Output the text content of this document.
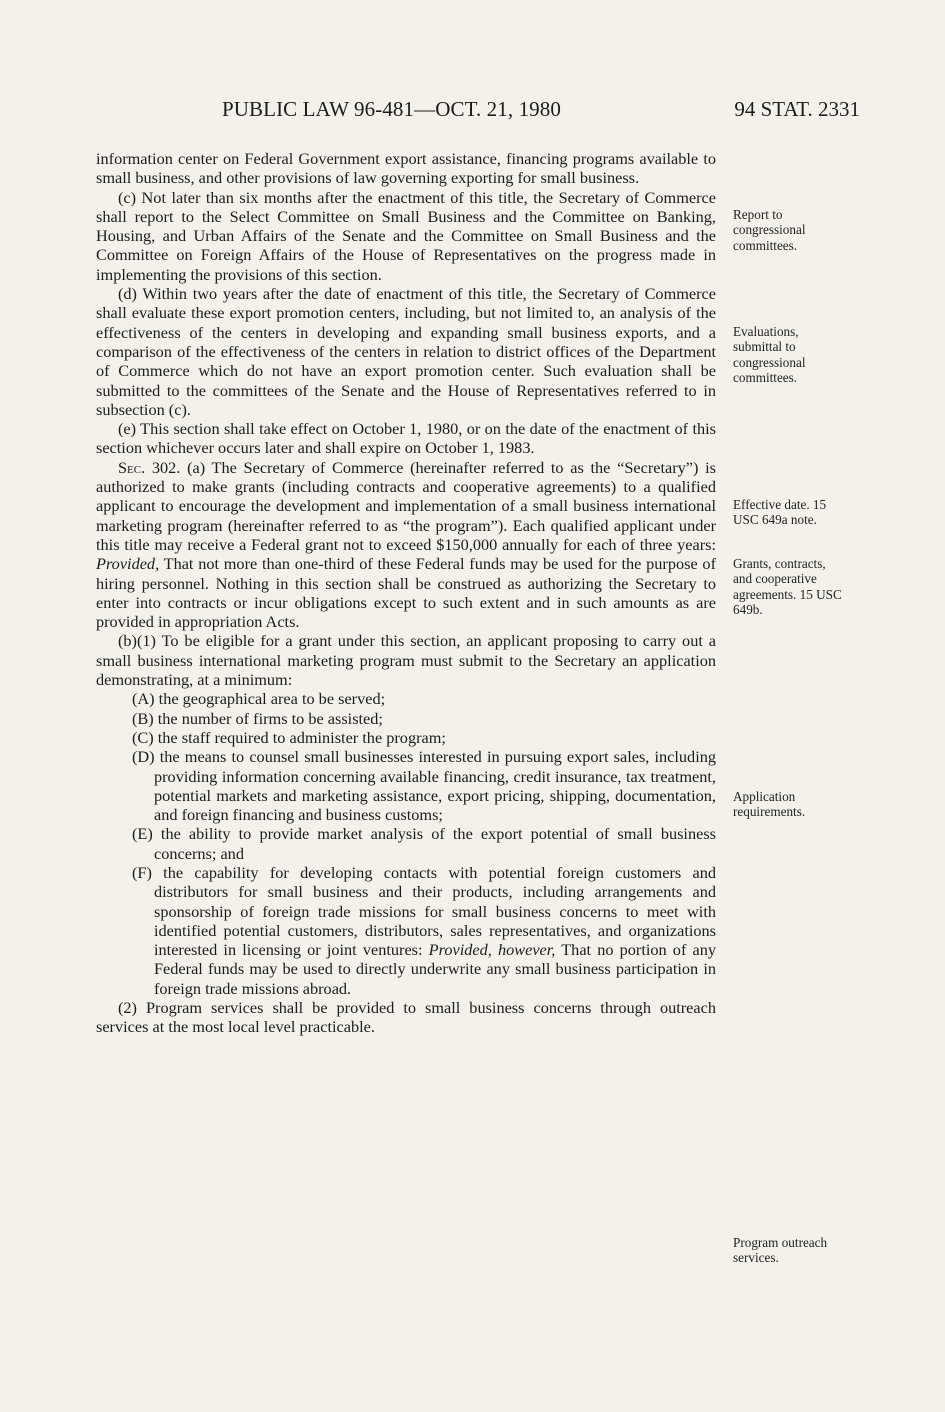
PUBLIC LAW 96-481—OCT. 21, 1980	94 STAT. 2331

information center on Federal Government export assistance, financing programs available to small business, and other provisions of law governing exporting for small business.

(c) Not later than six months after the enactment of this title, the Secretary of Commerce shall report to the Select Committee on Small Business and the Committee on Banking, Housing, and Urban Affairs of the Senate and the Committee on Small Business and the Committee on Foreign Affairs of the House of Representatives on the progress made in implementing the provisions of this section.

(d) Within two years after the date of enactment of this title, the Secretary of Commerce shall evaluate these export promotion centers, including, but not limited to, an analysis of the effectiveness of the centers in developing and expanding small business exports, and a comparison of the effectiveness of the centers in relation to district offices of the Department of Commerce which do not have an export promotion center. Such evaluation shall be submitted to the committees of the Senate and the House of Representatives referred to in subsection (c).

(e) This section shall take effect on October 1, 1980, or on the date of the enactment of this section whichever occurs later and shall expire on October 1, 1983.

Sec. 302. (a) The Secretary of Commerce (hereinafter referred to as the “Secretary”) is authorized to make grants (including contracts and cooperative agreements) to a qualified applicant to encourage the development and implementation of a small business international marketing program (hereinafter referred to as “the program”). Each qualified applicant under this title may receive a Federal grant not to exceed $150,000 annually for each of three years: Provided, That not more than one-third of these Federal funds may be used for the purpose of hiring personnel. Nothing in this section shall be construed as authorizing the Secretary to enter into contracts or incur obligations except to such extent and in such amounts as are provided in appropriation Acts.

(b)(1) To be eligible for a grant under this section, an applicant proposing to carry out a small business international marketing program must submit to the Secretary an application demonstrating, at a minimum:

(A) the geographical area to be served;

(B) the number of firms to be assisted;

(C) the staff required to administer the program;

(D) the means to counsel small businesses interested in pursuing export sales, including providing information concerning available financing, credit insurance, tax treatment, potential markets and marketing assistance, export pricing, shipping, documentation, and foreign financing and business customs;

(E) the ability to provide market analysis of the export potential of small business concerns; and

(F) the capability for developing contacts with potential foreign customers and distributors for small business and their products, including arrangements and sponsorship of foreign trade missions for small business concerns to meet with identified potential customers, distributors, sales representatives, and organizations interested in licensing or joint ventures: Provided, however, That no portion of any Federal funds may be used to directly underwrite any small business participation in foreign trade missions abroad.

(2) Program services shall be provided to small business concerns through outreach services at the most local level practicable.

Report to congressional committees.
Evaluations, submittal to congressional committees.
Effective date. 15 USC 649a note.
Grants, contracts, and cooperative agreements. 15 USC 649b.
Application requirements.
Program outreach services.
